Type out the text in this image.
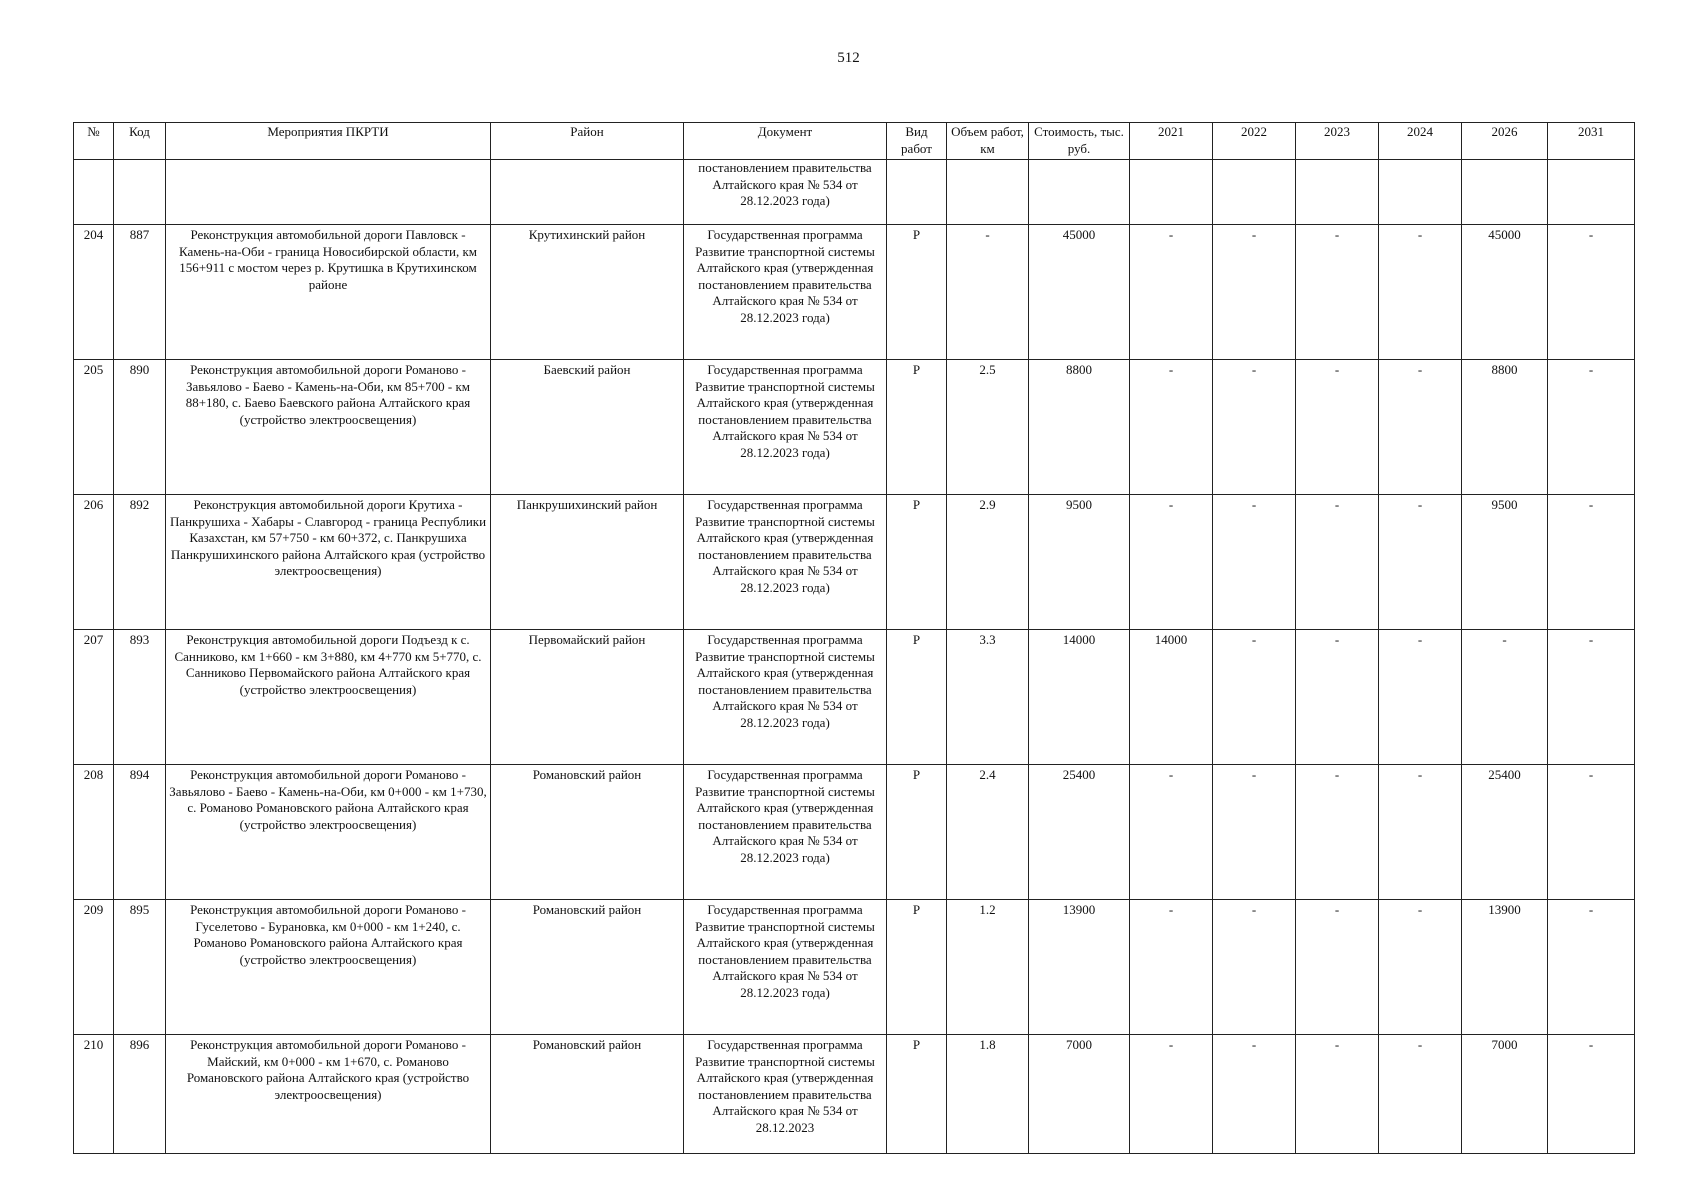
512
№	Код	Мероприятия ПКРТИ	Район	Документ	Вид работ	Объем работ, км	Стоимость, тыс. руб.	2021	2022	2023	2024	2026	2031
				постановлением правительства Алтайского края № 534 от 28.12.2023 года)									
204	887	Реконструкция автомобильной дороги Павловск - Камень-на-Оби - граница Новосибирской области, км 156+911 с мостом через р. Крутишка в Крутихинском районе	Крутихинский район	Государственная программа Развитие транспортной системы Алтайского края (утвержденная постановлением правительства Алтайского края № 534 от 28.12.2023 года)	Р	-	45000	-	-	-	-	45000	-
205	890	Реконструкция автомобильной дороги Романово - Завьялово - Баево - Камень-на-Оби, км 85+700 - км 88+180, с. Баево Баевского района Алтайского края (устройство электроосвещения)	Баевский район	Государственная программа Развитие транспортной системы Алтайского края (утвержденная постановлением правительства Алтайского края № 534 от 28.12.2023 года)	Р	2.5	8800	-	-	-	-	8800	-
206	892	Реконструкция автомобильной дороги Крутиха - Панкрушиха - Хабары - Славгород - граница Республики Казахстан, км 57+750 - км 60+372, с. Панкрушиха Панкрушихинского района Алтайского края (устройство электроосвещения)	Панкрушихинский район	Государственная программа Развитие транспортной системы Алтайского края (утвержденная постановлением правительства Алтайского края № 534 от 28.12.2023 года)	Р	2.9	9500	-	-	-	-	9500	-
207	893	Реконструкция автомобильной дороги Подъезд к с. Санниково, км 1+660 - км 3+880, км 4+770 км 5+770, с. Санниково Первомайского района Алтайского края (устройство электроосвещения)	Первомайский район	Государственная программа Развитие транспортной системы Алтайского края (утвержденная постановлением правительства Алтайского края № 534 от 28.12.2023 года)	Р	3.3	14000	14000	-	-	-	-	-
208	894	Реконструкция автомобильной дороги Романово - Завьялово - Баево - Камень-на-Оби, км 0+000 - км 1+730, с. Романово Романовского района Алтайского края (устройство электроосвещения)	Романовский район	Государственная программа Развитие транспортной системы Алтайского края (утвержденная постановлением правительства Алтайского края № 534 от 28.12.2023 года)	Р	2.4	25400	-	-	-	-	25400	-
209	895	Реконструкция автомобильной дороги Романово - Гуселетово - Бурановка, км 0+000 - км 1+240, с. Романово Романовского района Алтайского края (устройство электроосвещения)	Романовский район	Государственная программа Развитие транспортной системы Алтайского края (утвержденная постановлением правительства Алтайского края № 534 от 28.12.2023 года)	Р	1.2	13900	-	-	-	-	13900	-
210	896	Реконструкция автомобильной дороги Романово - Майский, км 0+000 - км 1+670, с. Романово Романовского района Алтайского края (устройство электроосвещения)	Романовский район	Государственная программа Развитие транспортной системы Алтайского края (утвержденная постановлением правительства Алтайского края № 534 от 28.12.2023	Р	1.8	7000	-	-	-	-	7000	-
